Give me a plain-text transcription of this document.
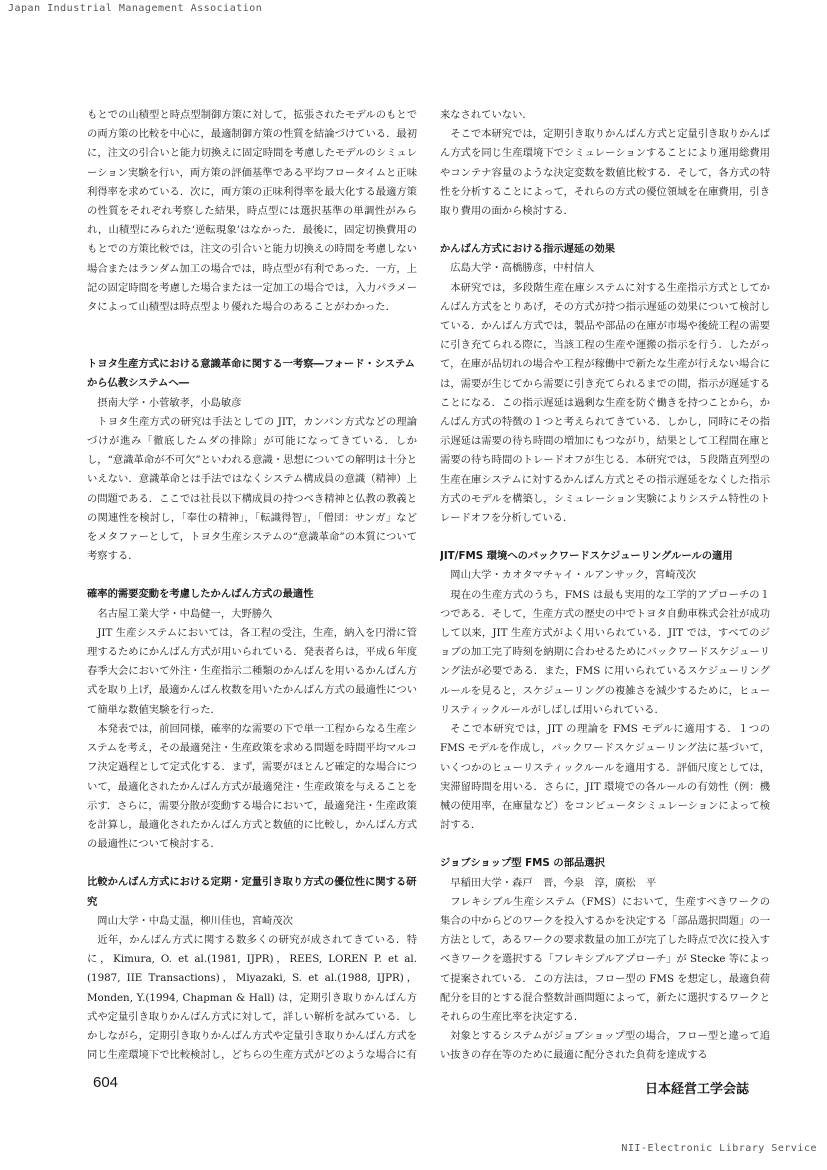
Japan Industrial Management Association

もとでの山積型と時点型制御方策に対して，拡張されたモデルのもとでの両方策の比較を中心に，最適制御方策の性質を結論づけている．最初に，注文の引合いと能力切換えに固定時間を考慮したモデルのシミュレーション実験を行い，両方策の評価基準である平均フロータイムと正味利得率を求めている．次に，両方策の正味利得率を最大化する最適方策の性質をそれぞれ考察した結果，時点型には選択基準の単調性がみられ，山積型にみられた‘逆転現象’はなかった．最後に，固定切換費用のもとでの方策比較では，注文の引合いと能力切換えの時間を考慮しない場合またはランダム加工の場合では，時点型が有利であった．一方，上記の固定時間を考慮した場合または一定加工の場合では，入力パラメータによって山積型は時点型より優れた場合のあることがわかった．

トヨタ生産方式における意識革命に関する一考察―フォード・システムから仏教システムへ―
摂南大学・小菅敏孝，小島敏彦

トヨタ生産方式の研究は手法としての JIT，カンバン方式などの理論づけが進み「徹底したムダの排除」が可能になってきている．しかし，“意識革命が不可欠”といわれる意識・思想についての解明は十分といえない．意識革命とは手法ではなくシステム構成員の意識（精神）上の問題である．ここでは社長以下構成員の持つべき精神と仏教の教義との関連性を検討し，「奉仕の精神」，「転識得智」，「僧団：サンガ」などをメタファーとして，トヨタ生産システムの“意識革命”の本質について考察する．

確率的需要変動を考慮したかんばん方式の最適性
名古屋工業大学・中島健一，大野勝久

JIT 生産システムにおいては，各工程の受注，生産，納入を円滑に管理するためにかんばん方式が用いられている．発表者らは，平成６年度春季大会において外注・生産指示二種類のかんばんを用いるかんばん方式を取り上げ，最適かんばん枚数を用いたかんばん方式の最適性について簡単な数値実験を行った．

本発表では，前回同様，確率的な需要の下で単一工程からなる生産システムを考え，その最適発注・生産政策を求める問題を時間平均マルコフ決定過程として定式化する．まず，需要がほとんど確定的な場合について，最適化されたかんばん方式が最適発注・生産政策を与えることを示す．さらに，需要分散が変動する場合において，最適発注・生産政策を計算し，最適化されたかんばん方式と数値的に比較し，かんばん方式の最適性について検討する．

比較かんばん方式における定期・定量引き取り方式の優位性に関する研究
岡山大学・中島丈温，柳川佳也，宮崎茂次

近年，かんばん方式に関する数多くの研究が成されてきている．特に，Kimura, O. et al.(1981, IJPR)，REES, LOREN P. et al.(1987, IIE Transactions)，Miyazaki, S. et al.(1988, IJPR)，Monden, Y.(1994, Chapman & Hall) は，定期引き取りかんばん方式や定量引き取りかんばん方式に対して，詳しい解析を試みている．しかしながら，定期引き取りかんばん方式や定量引き取りかんばん方式を同じ生産環境下で比較検討し，どちらの生産方式がどのような場合に有

来なされていない．

そこで本研究では，定期引き取りかんばん方式と定量引き取りかんばん方式を同じ生産環境下でシミュレーションすることにより運用総費用やコンテナ容量のような決定変数を数値比較する．そして，各方式の特性を分析することによって，それらの方式の優位領域を在庫費用，引き取り費用の面から検討する．

かんばん方式における指示遅延の効果
広島大学・高橋勝彦，中村信人

本研究では，多段階生産在庫システムに対する生産指示方式としてかんばん方式をとりあげ，その方式が持つ指示遅延の効果について検討している．かんばん方式では，製品や部品の在庫が市場や後続工程の需要に引き充てられる際に，当該工程の生産や運搬の指示を行う．したがって，在庫が品切れの場合や工程が稼働中で新たな生産が行えない場合には，需要が生じてから需要に引き充てられるまでの間，指示が遅延することになる．この指示遅延は過剰な生産を防ぐ働きを持つことから，かんばん方式の特徴の１つと考えられてきている．しかし，同時にその指示遅延は需要の待ち時間の増加にもつながり，結果として工程間在庫と需要の待ち時間のトレードオフが生じる．本研究では，５段階直列型の生産在庫システムに対するかんばん方式とその指示遅延をなくした指示方式のモデルを構築し，シミュレーション実験によりシステム特性のトレードオフを分析している．

JIT/FMS 環境へのバックワードスケジューリングルールの適用
岡山大学・カオタマチャイ・ルアンサック，宮崎茂次

現在の生産方式のうち，FMS は最も実用的な工学的アプローチの１つである．そして，生産方式の歴史の中でトヨタ自動車株式会社が成功して以来，JIT 生産方式がよく用いられている．JIT では，すべてのジョブの加工完了時刻を納期に合わせるためにバックワードスケジューリング法が必要である．また，FMS に用いられているスケジューリングルールを見ると，スケジューリングの複雑さを減少するために，ヒューリスティックルールがしばしば用いられている．

そこで本研究では，JIT の理論を FMS モデルに適用する．１つの FMS モデルを作成し，バックワードスケジューリング法に基づいて，いくつかのヒューリスティックルールを適用する．評価尺度としては，実滞留時間を用いる．さらに，JIT 環境での各ルールの有効性（例：機械の使用率，在庫量など）をコンピュータシミュレーションによって検討する．

ジョブショップ型 FMS の部品選択
早稲田大学・森戸　晋，今泉　淳，廣松　平

フレキシブル生産システム（FMS）において，生産すべきワークの集合の中からどのワークを投入するかを決定する「部品選択問題」の一方法として，あるワークの要求数量の加工が完了した時点で次に投入すべきワークを選択する「フレキシブルアプローチ」が Stecke 等によって提案されている．この方法は，フロー型の FMS を想定し，最適負荷配分を目的とする混合整数計画問題によって，新たに選択するワークとそれらの生産比率を決定する．

対象とするシステムがジョブショップ型の場合，フロー型と違って追い抜きの存在等のために最適に配分された負荷を達成する

604	日本経営工学会誌
NII-Electronic Library Service
